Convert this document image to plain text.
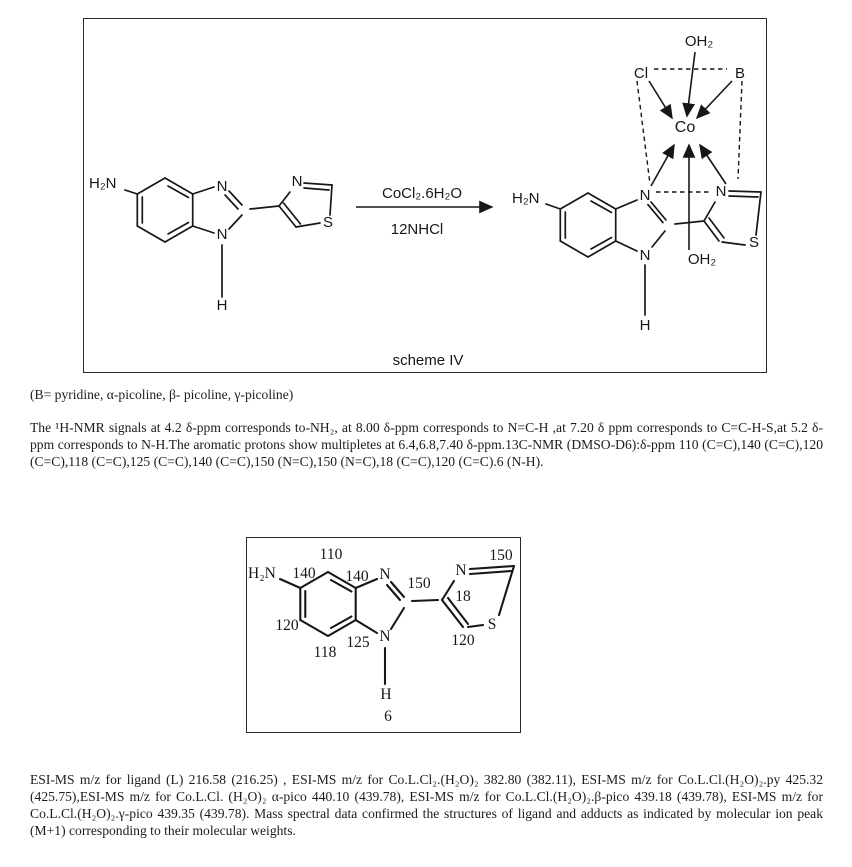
H₂N	N
N
H
N
S
CoCl₂.6H₂O
12NHCl
H₂N	N
N
H
N
S
Co
OH₂
OH₂
Cl	B
scheme IV

(B= pyridine, α-picoline, β- picoline, γ-picoline)

The ¹H-NMR signals at 4.2 δ-ppm corresponds to-NH₂, at 8.00 δ-ppm corresponds to N=C-H ,at 7.20 δ ppm corresponds to C=C-H-S,at 5.2 δ-ppm corresponds to N-H.The aromatic protons show multipletes at 6.4,6.8,7.40 δ-ppm.13C-NMR (DMSO-D6):δ-ppm 110 (C=C),140 (C=C),120 (C=C),118 (C=C),125 (C=C),140 (C=C),150 (N=C),150 (N=C),18 (C=C),120 (C=C).6 (N-H).

H₂N
110
140 140 N
150
N
150
18
120
118
125 N	120
S
H
6

ESI-MS m/z for ligand (L) 216.58 (216.25) , ESI-MS m/z for Co.L.Cl₂.(H₂O)₂ 382.80 (382.11), ESI-MS m/z for Co.L.Cl.(H₂O)₂.py 425.32 (425.75),ESI-MS m/z for Co.L.Cl. (H₂O)₂ α-pico 440.10 (439.78), ESI-MS m/z for Co.L.Cl.(H₂O)₂.β-pico 439.18 (439.78), ESI-MS m/z for Co.L.Cl.(H₂O)₂.γ-pico 439.35 (439.78). Mass spectral data confirmed the structures of ligand and adducts as indicated by molecular ion peak (M+1) corresponding to their molecular weights.
